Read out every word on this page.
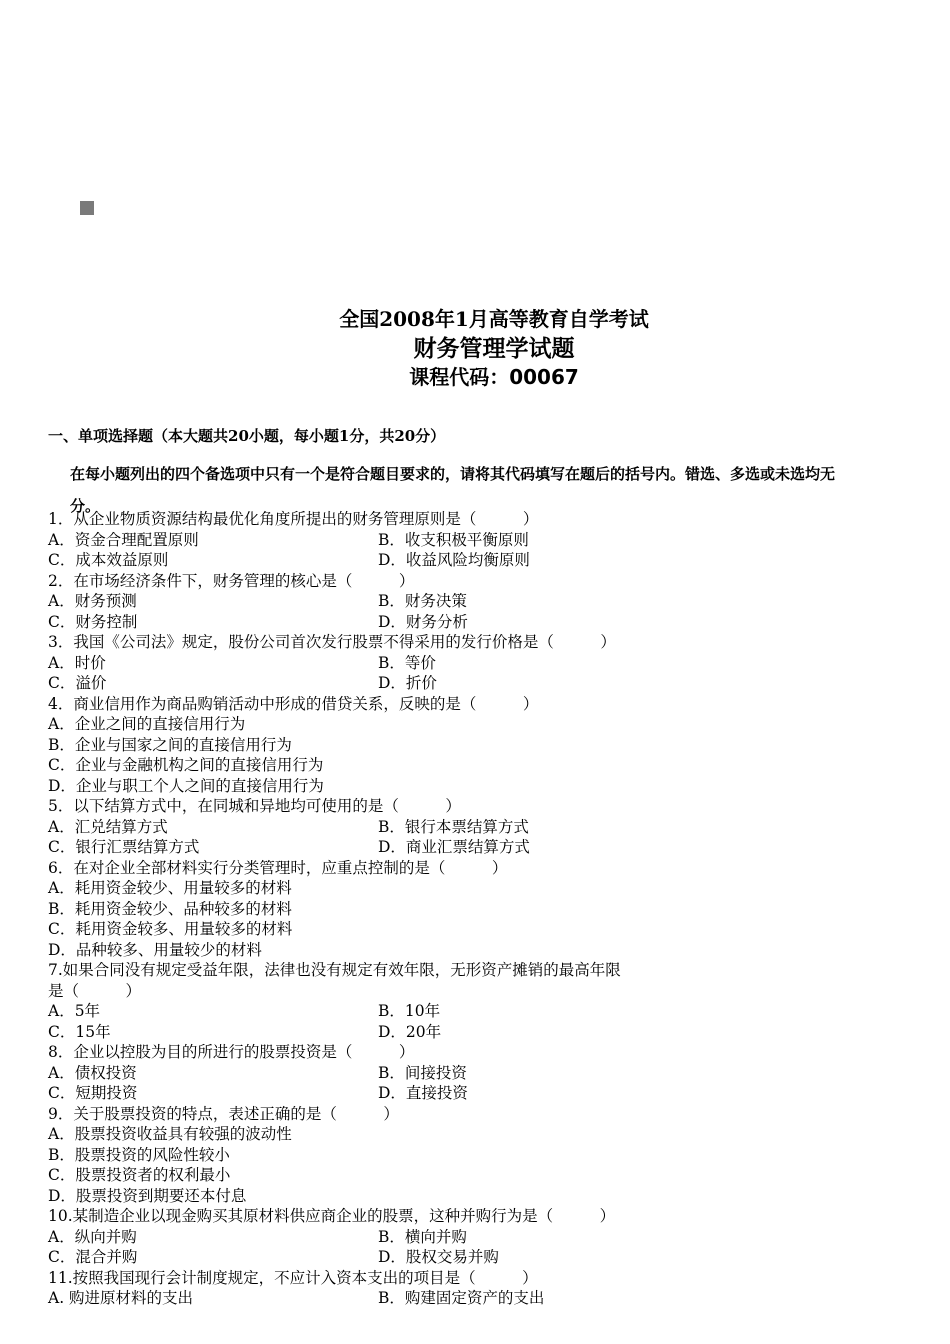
全国2008年1月高等教育自学考试
财务管理学试题
课程代码：00067
一、单项选择题（本大题共20小题，每小题1分，共20分）
在每小题列出的四个备选项中只有一个是符合题目要求的，请将其代码填写在题后的括号内。错选、多选或未选均无
分。
1．从企业物质资源结构最优化角度所提出的财务管理原则是（　　　）
A．资金合理配置原则	B．收支积极平衡原则
C．成本效益原则	D．收益风险均衡原则
2．在市场经济条件下，财务管理的核心是（　　　）
A．财务预测	B．财务决策
C．财务控制	D．财务分析
3．我国《公司法》规定，股份公司首次发行股票不得采用的发行价格是（　　　）
A．时价	B．等价
C．溢价	D．折价
4．商业信用作为商品购销活动中形成的借贷关系，反映的是（　　　）
A．企业之间的直接信用行为
B．企业与国家之间的直接信用行为
C．企业与金融机构之间的直接信用行为
D．企业与职工个人之间的直接信用行为
5．以下结算方式中，在同城和异地均可使用的是（　　　）
A．汇兑结算方式	B．银行本票结算方式
C．银行汇票结算方式	D．商业汇票结算方式
6．在对企业全部材料实行分类管理时，应重点控制的是（　　　）
A．耗用资金较少、用量较多的材料
B．耗用资金较少、品种较多的材料
C．耗用资金较多、用量较多的材料
D．品种较多、用量较少的材料
7.如果合同没有规定受益年限，法律也没有规定有效年限，无形资产摊销的最高年限
是（　　　）
A．5年	B．10年
C．15年	D．20年
8．企业以控股为目的所进行的股票投资是（　　　）
A．债权投资	B．间接投资
C．短期投资	D．直接投资
9．关于股票投资的特点，表述正确的是（　　　）
A．股票投资收益具有较强的波动性
B．股票投资的风险性较小
C．股票投资者的权利最小
D．股票投资到期要还本付息
10.某制造企业以现金购买其原材料供应商企业的股票，这种并购行为是（　　　）
A．纵向并购	B．横向并购
C．混合并购	D．股权交易并购
11.按照我国现行会计制度规定，不应计入资本支出的项目是（　　　）
A. 购进原材料的支出	B．购建固定资产的支出
